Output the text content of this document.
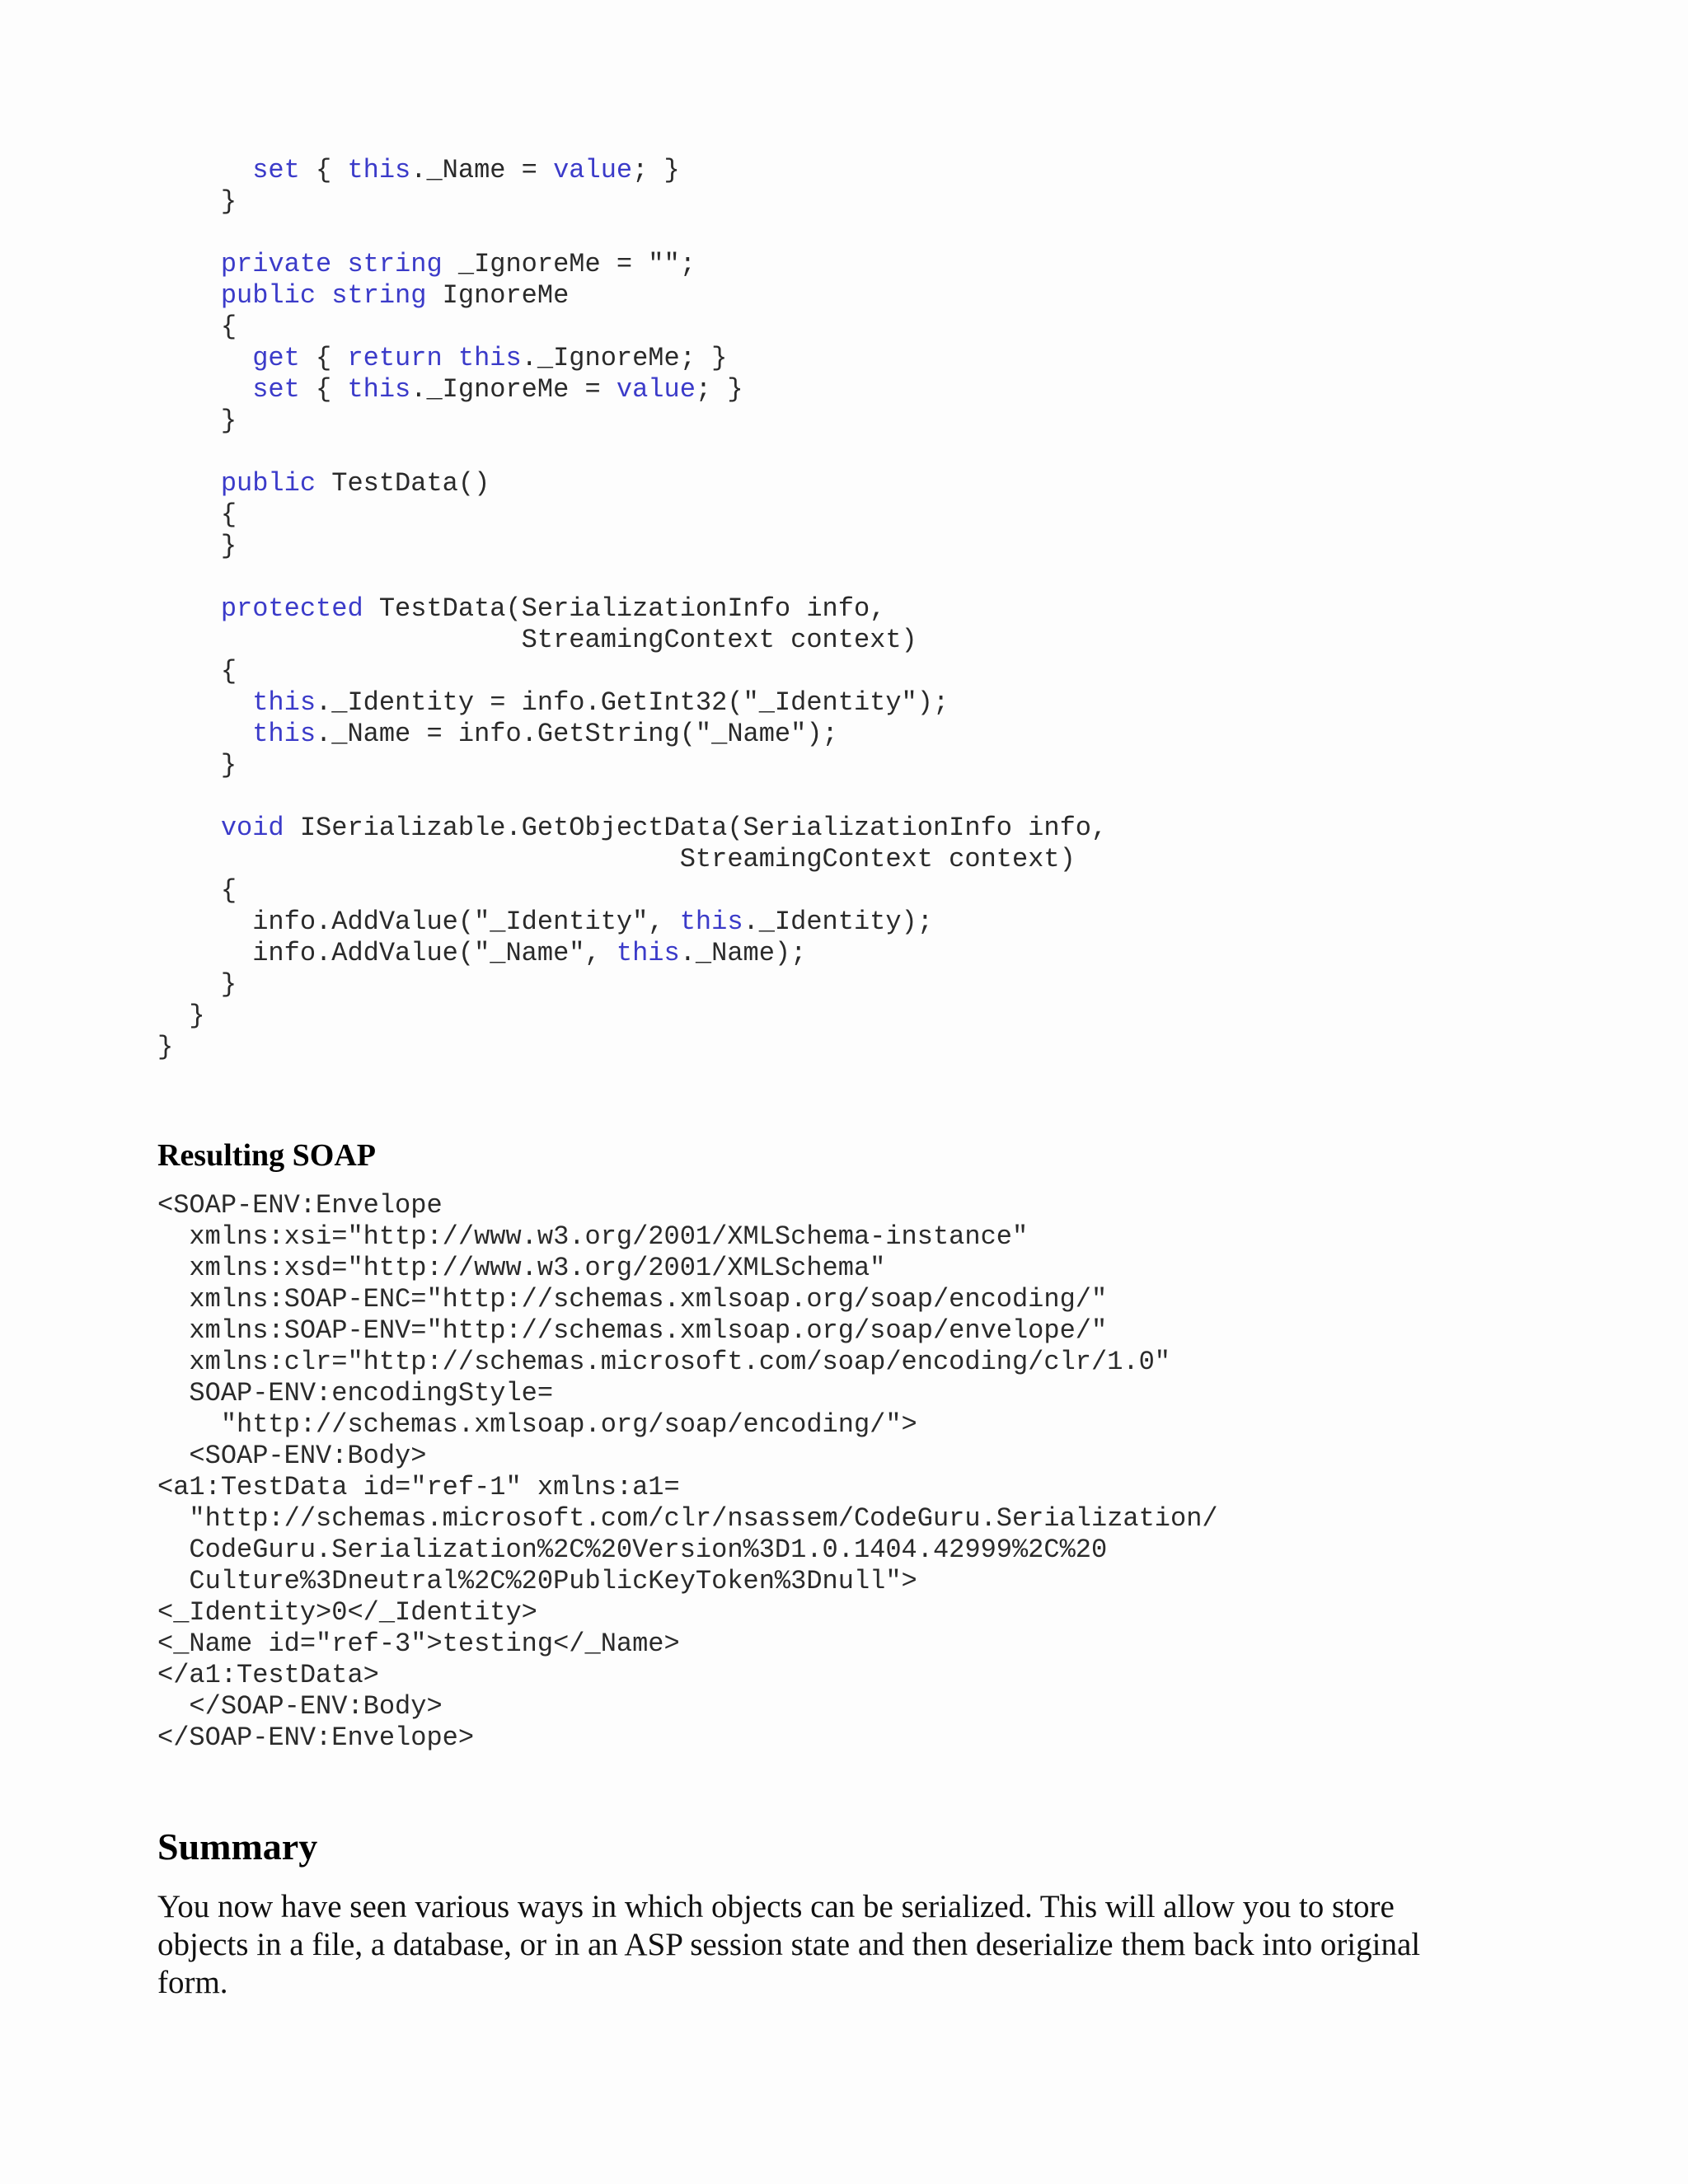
set { this._Name = value; }
}
private string _IgnoreMe = "";
public string IgnoreMe
{
get { return this._IgnoreMe; }
set { this._IgnoreMe = value; }
}
public TestData()
{
}
protected TestData(SerializationInfo info,
StreamingContext context)
{
this._Identity = info.GetInt32("_Identity");
this._Name = info.GetString("_Name");
}
void ISerializable.GetObjectData(SerializationInfo info,
StreamingContext context)
{
info.AddValue("_Identity", this._Identity);
info.AddValue("_Name", this._Name);
}
}
}
Resulting SOAP
<SOAP-ENV:Envelope
xmlns:xsi="http://www.w3.org/2001/XMLSchema-instance"
xmlns:xsd="http://www.w3.org/2001/XMLSchema"
xmlns:SOAP-ENC="http://schemas.xmlsoap.org/soap/encoding/"
xmlns:SOAP-ENV="http://schemas.xmlsoap.org/soap/envelope/"
xmlns:clr="http://schemas.microsoft.com/soap/encoding/clr/1.0"
SOAP-ENV:encodingStyle=
"http://schemas.xmlsoap.org/soap/encoding/">
<SOAP-ENV:Body>
<a1:TestData id="ref-1" xmlns:a1=
"http://schemas.microsoft.com/clr/nsassem/CodeGuru.Serialization/
CodeGuru.Serialization%2C%20Version%3D1.0.1404.42999%2C%20
Culture%3Dneutral%2C%20PublicKeyToken%3Dnull">
<_Identity>0</_Identity>
<_Name id="ref-3">testing</_Name>
</a1:TestData>
</SOAP-ENV:Body>
</SOAP-ENV:Envelope>
Summary

You now have seen various ways in which objects can be serialized. This will allow you to store objects in a file, a database, or in an ASP session state and then deserialize them back into original form.
